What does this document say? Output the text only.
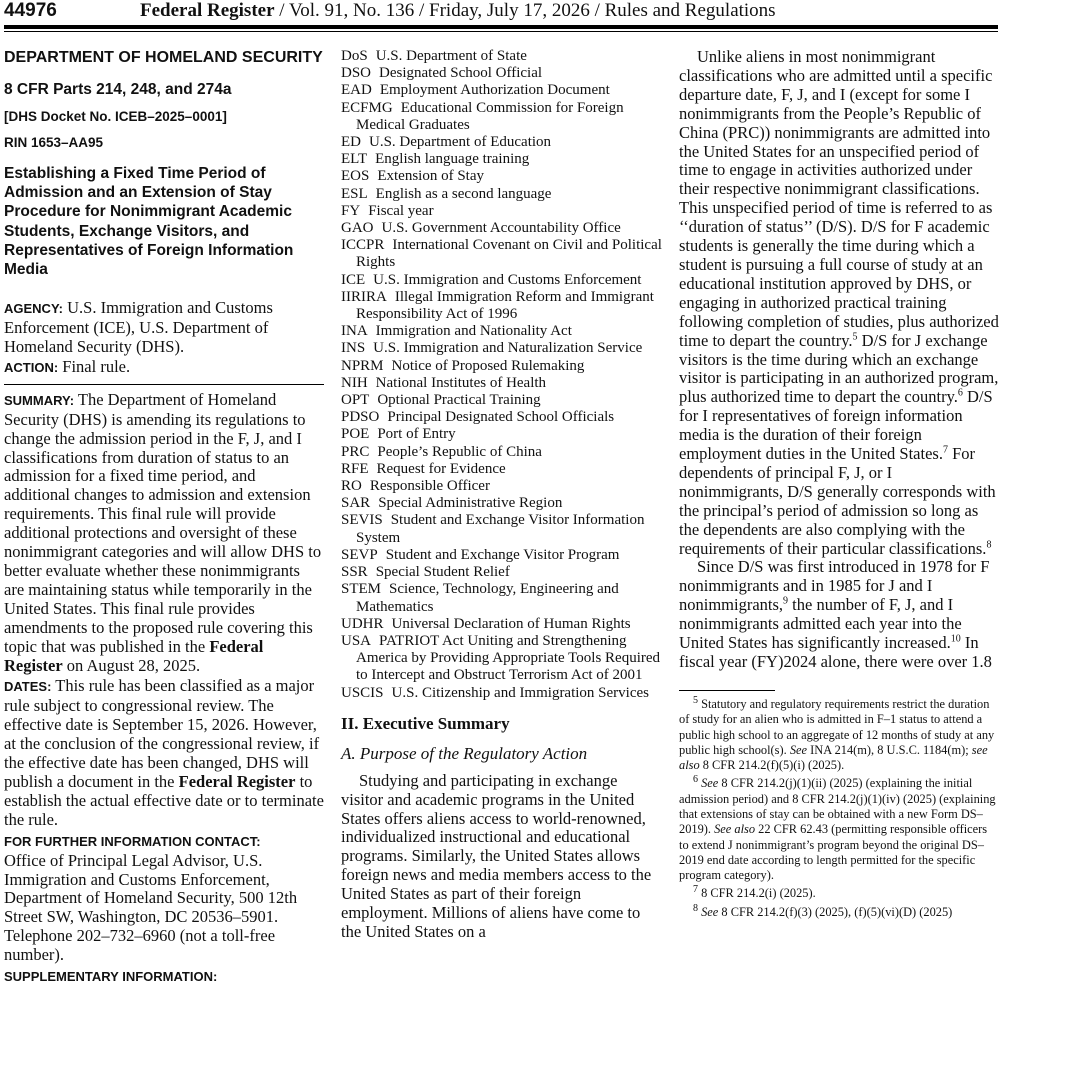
44976	Federal Register / Vol. 91, No. 136 / Friday, July 17, 2026 / Rules and Regulations

DEPARTMENT OF HOMELAND SECURITY

8 CFR Parts 214, 248, and 274a

[DHS Docket No. ICEB–2025–0001]

RIN 1653–AA95

Establishing a Fixed Time Period of Admission and an Extension of Stay Procedure for Nonimmigrant Academic Students, Exchange Visitors, and Representatives of Foreign Information Media

AGENCY: U.S. Immigration and Customs Enforcement (ICE), U.S. Department of Homeland Security (DHS).

ACTION: Final rule.

SUMMARY: The Department of Homeland Security (DHS) is amending its regulations to change the admission period in the F, J, and I classifications from duration of status to an admission for a fixed time period, and additional changes to admission and extension requirements. This final rule will provide additional protections and oversight of these nonimmigrant categories and will allow DHS to better evaluate whether these nonimmigrants are maintaining status while temporarily in the United States. This final rule provides amendments to the proposed rule covering this topic that was published in the Federal Register on August 28, 2025.

DATES: This rule has been classified as a major rule subject to congressional review. The effective date is September 15, 2026. However, at the conclusion of the congressional review, if the effective date has been changed, DHS will publish a document in the Federal Register to establish the actual effective date or to terminate the rule.

FOR FURTHER INFORMATION CONTACT:
Office of Principal Legal Advisor, U.S. Immigration and Customs Enforcement, Department of Homeland Security, 500 12th Street SW, Washington, DC 20536–5901. Telephone 202–732–6960 (not a toll-free number).

SUPPLEMENTARY INFORMATION:

DoS U.S. Department of State

DSO Designated School Official

EAD Employment Authorization Document

ECFMG Educational Commission for Foreign Medical Graduates

ED U.S. Department of Education

ELT English language training

EOS Extension of Stay

ESL English as a second language

FY Fiscal year

GAO U.S. Government Accountability Office

ICCPR International Covenant on Civil and Political Rights

ICE U.S. Immigration and Customs Enforcement

IIRIRA Illegal Immigration Reform and Immigrant Responsibility Act of 1996

INA Immigration and Nationality Act

INS U.S. Immigration and Naturalization Service

NPRM Notice of Proposed Rulemaking

NIH National Institutes of Health

OPT Optional Practical Training

PDSO Principal Designated School Officials

POE Port of Entry

PRC People’s Republic of China

RFE Request for Evidence

RO Responsible Officer

SAR Special Administrative Region

SEVIS Student and Exchange Visitor Information System

SEVP Student and Exchange Visitor Program

SSR Special Student Relief

STEM Science, Technology, Engineering and Mathematics

UDHR Universal Declaration of Human Rights

USA PATRIOT Act Uniting and Strengthening America by Providing Appropriate Tools Required to Intercept and Obstruct Terrorism Act of 2001

USCIS U.S. Citizenship and Immigration Services

II. Executive Summary

A. Purpose of the Regulatory Action

Studying and participating in exchange visitor and academic programs in the United States offers aliens access to world-renowned, individualized instructional and educational programs. Similarly, the United States allows foreign news and media members access to the United States as part of their foreign employment. Millions of aliens have come to the United States on a

Unlike aliens in most nonimmigrant classifications who are admitted until a specific departure date, F, J, and I (except for some I nonimmigrants from the People’s Republic of China (PRC)) nonimmigrants are admitted into the United States for an unspecified period of time to engage in activities authorized under their respective nonimmigrant classifications. This unspecified period of time is referred to as ‘‘duration of status’’ (D/S). D/S for F academic students is generally the time during which a student is pursuing a full course of study at an educational institution approved by DHS, or engaging in authorized practical training following completion of studies, plus authorized time to depart the country.$^5$ D/S for J exchange visitors is the time during which an exchange visitor is participating in an authorized program, plus authorized time to depart the country.$^6$ D/S for I representatives of foreign information media is the duration of their foreign employment duties in the United States.$^7$ For dependents of principal F, J, or I nonimmigrants, D/S generally corresponds with the principal’s period of admission so long as the dependents are also complying with the requirements of their particular classifications.$^8$

Since D/S was first introduced in 1978 for F nonimmigrants and in 1985 for J and I nonimmigrants,$^9$ the number of F, J, and I nonimmigrants admitted each year into the United States has significantly increased.$^{10}$ In fiscal year (FY)2024 alone, there were over 1.8

$^5$ Statutory and regulatory requirements restrict the duration of study for an alien who is admitted in F–1 status to attend a public high school to an aggregate of 12 months of study at any public high school(s). See INA 214(m), 8 U.S.C. 1184(m); see also 8 CFR 214.2(f)(5)(i) (2025).

$^6$ See 8 CFR 214.2(j)(1)(ii) (2025) (explaining the initial admission period) and 8 CFR 214.2(j)(1)(iv) (2025) (explaining that extensions of stay can be obtained with a new Form DS–2019). See also 22 CFR 62.43 (permitting responsible officers to extend J nonimmigrant’s program beyond the original DS–2019 end date according to length permitted for the specific program category).

$^7$ 8 CFR 214.2(i) (2025).

$^8$ See 8 CFR 214.2(f)(3) (2025), (f)(5)(vi)(D) (2025)
